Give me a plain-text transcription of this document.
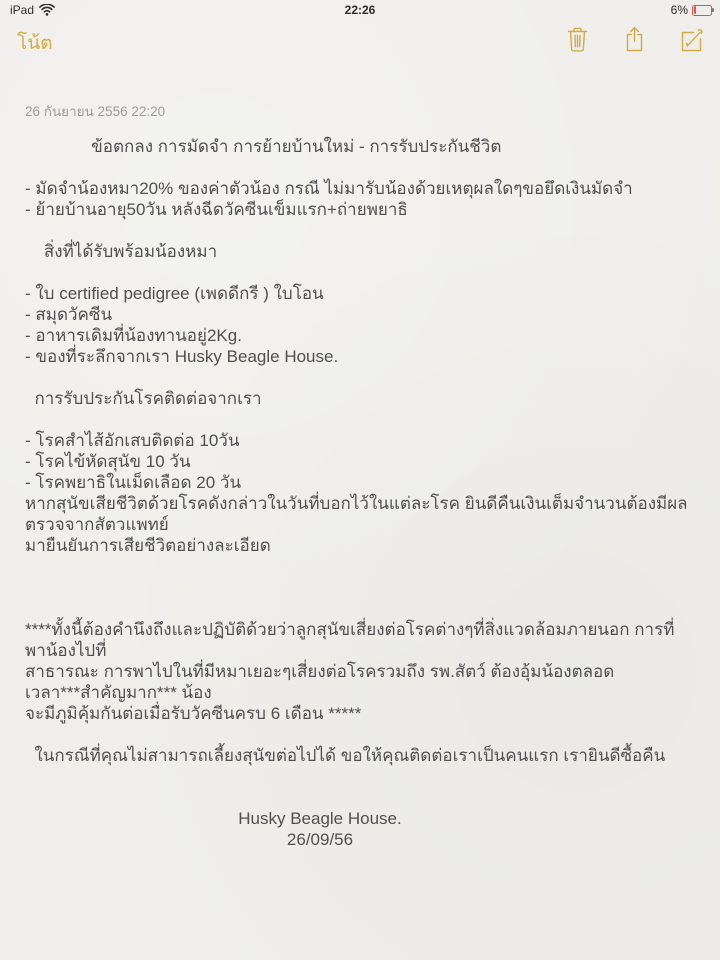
iPad	22:26	6%
โน้ต
26 กันยายน 2556 22:20
ข้อตกลง การมัดจำ การย้ายบ้านใหม่ - การรับประกันชีวิต

- มัดจำน้องหมา20% ของค่าตัวน้อง กรณี ไม่มารับน้องด้วยเหตุผลใดๆขอยึดเงินมัดจำ
- ย้ายบ้านอายุ50วัน หลังฉีดวัคซีนเข็มแรก+ถ่ายพยาธิ

สิ่งที่ได้รับพร้อมน้องหมา

- ใบ certified pedigree (เพดดีกรี ) ใบโอน
- สมุดวัคซีน
- อาหารเดิมที่น้องทานอยู่2Kg.
- ของที่ระลึกจากเรา Husky Beagle House.

การรับประกันโรคติดต่อจากเรา

- โรคสำไส้อักเสบติดต่อ 10วัน
- โรคไข้หัดสุนัข 10 วัน
- โรคพยาธิในเม็ดเลือด 20 วัน
หากสุนัขเสียชีวิตด้วยโรคดังกล่าวในวันที่บอกไว้ในแต่ละโรค ยินดีคืนเงินเต็มจำนวนต้องมีผลตรวจจากสัตวแพทย์
มายืนยันการเสียชีวิตอย่างละเอียด

****ทั้งนี้ต้องคำนึงถึงและปฏิบัติด้วยว่าลูกสุนัขเสี่ยงต่อโรคต่างๆที่สิ่งแวดล้อมภายนอก การที่พาน้องไปที่
สาธารณะ การพาไปในที่มีหมาเยอะๆเสี่ยงต่อโรครวมถึง รพ.สัตว์ ต้องอุ้มน้องตลอดเวลา***สำคัญมาก*** น้อง
จะมีภูมิคุ้มกันต่อเมื่อรับวัคซีนครบ 6 เดือน *****

ในกรณีที่คุณไม่สามารถเลี้ยงสุนัขต่อไปได้ ขอให้คุณติดต่อเราเป็นคนแรก เรายินดีซื้อคืน

Husky Beagle House.
26/09/56
